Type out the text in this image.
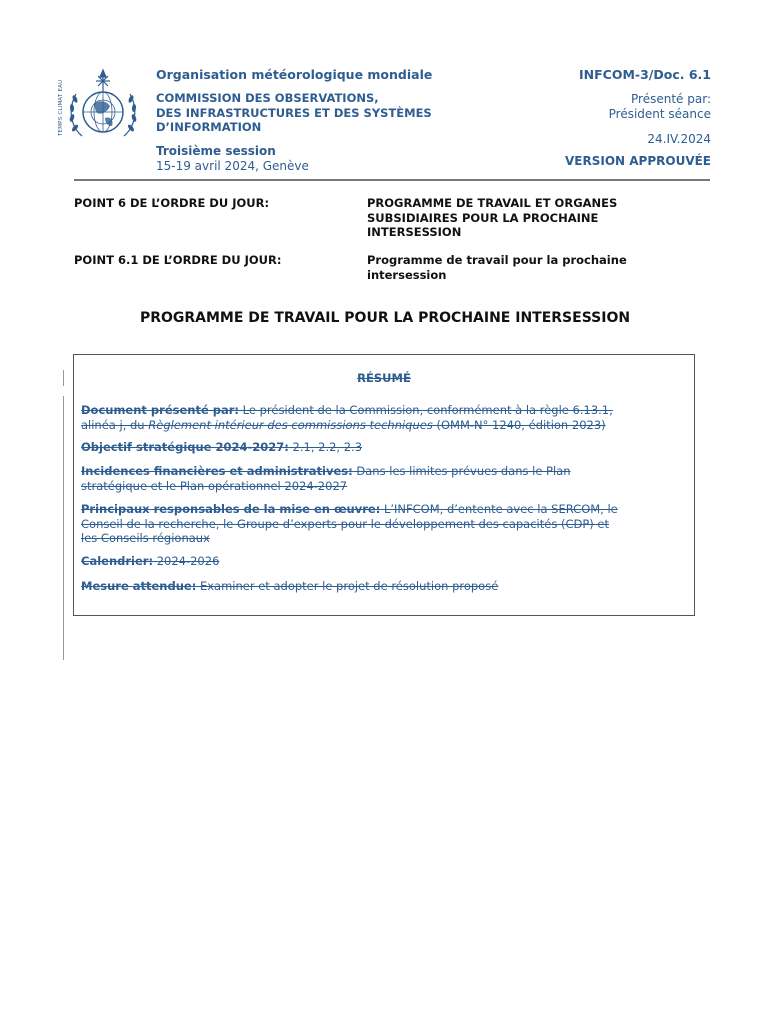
TEMPS CLIMAT EAU
Organisation météorologique mondiale
COMMISSION DES OBSERVATIONS,
DES INFRASTRUCTURES ET DES SYSTÈMES
D’INFORMATION
Troisième session
15-19 avril 2024, Genève
INFCOM-3/Doc. 6.1
Présenté par:
Président séance
24.IV.2024
VERSION APPROUVÉE
POINT 6 DE L’ORDRE DU JOUR:	PROGRAMME DE TRAVAIL ET ORGANES
SUBSIDIAIRES POUR LA PROCHAINE
INTERSESSION
POINT 6.1 DE L’ORDRE DU JOUR:	Programme de travail pour la prochaine
intersession
PROGRAMME DE TRAVAIL POUR LA PROCHAINE INTERSESSION
RÉSUMÉ
Document présenté par: Le président de la Commission, conformément à la règle 6.13.1,
alinéa j, du Règlement intérieur des commissions techniques (OMM-N° 1240, édition 2023)
Objectif stratégique 2024-2027: 2.1, 2.2, 2.3
Incidences financières et administratives: Dans les limites prévues dans le Plan
stratégique et le Plan opérationnel 2024-2027
Principaux responsables de la mise en œuvre: L’INFCOM, d’entente avec la SERCOM, le
Conseil de la recherche, le Groupe d’experts pour le développement des capacités (CDP) et
les Conseils régionaux
Calendrier: 2024-2026
Mesure attendue: Examiner et adopter le projet de résolution proposé
